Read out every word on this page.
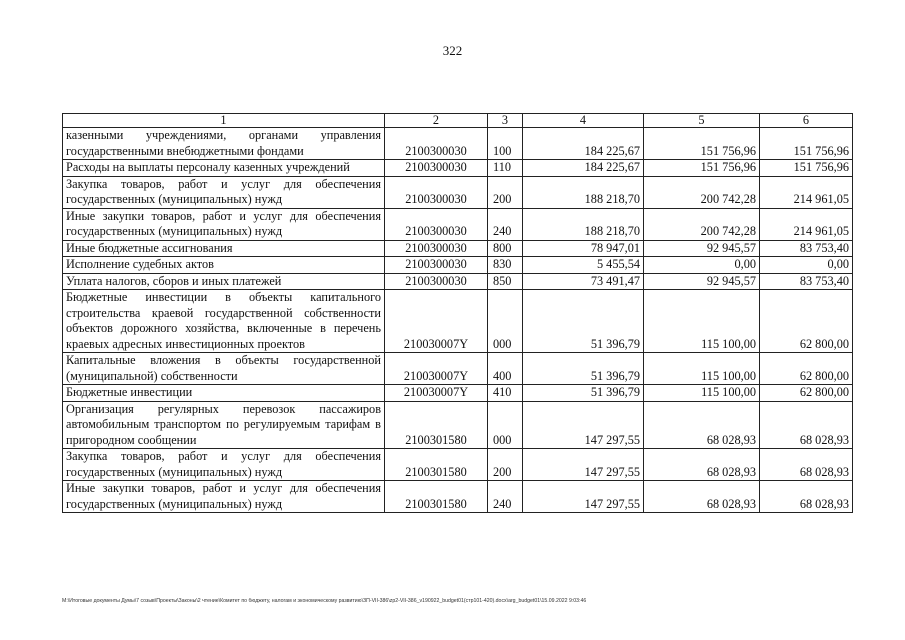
322
1	2	3	4	5	6
казенными учреждениями, органами управления государственными внебюджетными фондами	2100300030	100	184 225,67	151 756,96	151 756,96
Расходы на выплаты персоналу казенных учреждений	2100300030	110	184 225,67	151 756,96	151 756,96
Закупка товаров, работ и услуг для обеспечения государственных (муниципальных) нужд	2100300030	200	188 218,70	200 742,28	214 961,05
Иные закупки товаров, работ и услуг для обеспечения государственных (муниципальных) нужд	2100300030	240	188 218,70	200 742,28	214 961,05
Иные бюджетные ассигнования	2100300030	800	78 947,01	92 945,57	83 753,40
Исполнение судебных актов	2100300030	830	5 455,54	0,00	0,00
Уплата налогов, сборов и иных платежей	2100300030	850	73 491,47	92 945,57	83 753,40
Бюджетные инвестиции в объекты капитального строительства краевой государственной собственности объектов дорожного хозяйства, включенные в перечень краевых адресных инвестиционных проектов	210030007Y	000	51 396,79	115 100,00	62 800,00
Капитальные вложения в объекты государственной (муниципальной) собственности	210030007Y	400	51 396,79	115 100,00	62 800,00
Бюджетные инвестиции	210030007Y	410	51 396,79	115 100,00	62 800,00
Организация регулярных перевозок пассажиров автомобильным транспортом по регулируемым тарифам в пригородном сообщении	2100301580	000	147 297,55	68 028,93	68 028,93
Закупка товаров, работ и услуг для обеспечения государственных (муниципальных) нужд	2100301580	200	147 297,55	68 028,93	68 028,93
Иные закупки товаров, работ и услуг для обеспечения государственных (муниципальных) нужд	2100301580	240	147 297,55	68 028,93	68 028,93
M:\Итоговые документы Думы\7 созыв\Проекты\Законы\2 чтение\Комитет по бюджету, налогам и экономическому развитию\ЗП-VII-386\zp2-VII-386_v190922_budget01(стр101-420).docx\arg_budget01\15.09.2022 9:03:46
